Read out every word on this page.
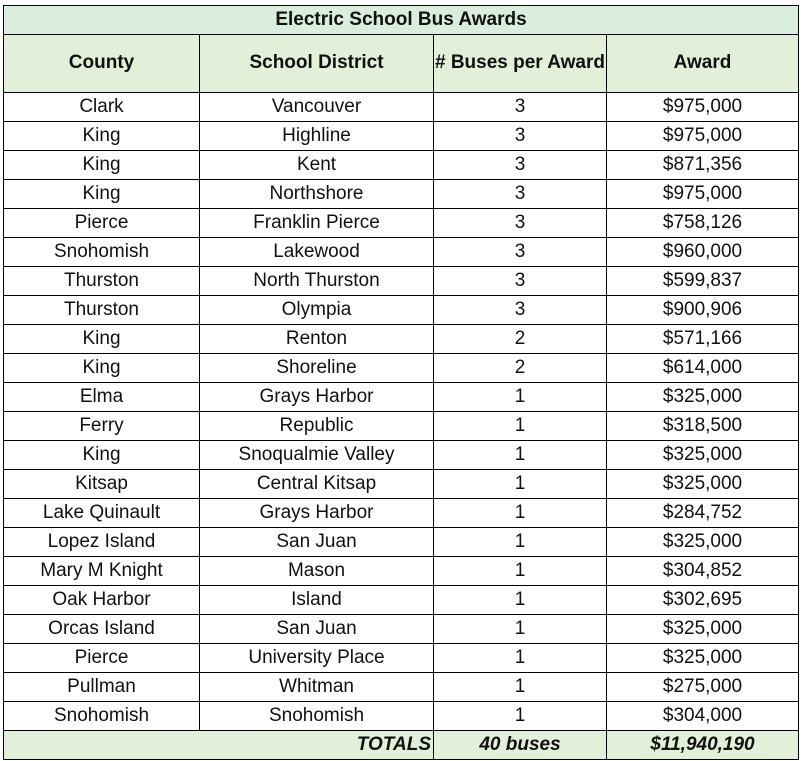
Electric School Bus Awards			
County	School District	# Buses per Award	Award
Clark	Vancouver	3	$975,000
King	Highline	3	$975,000
King	Kent	3	$871,356
King	Northshore	3	$975,000
Pierce	Franklin Pierce	3	$758,126
Snohomish	Lakewood	3	$960,000
Thurston	North Thurston	3	$599,837
Thurston	Olympia	3	$900,906
King	Renton	2	$571,166
King	Shoreline	2	$614,000
Elma	Grays Harbor	1	$325,000
Ferry	Republic	1	$318,500
King	Snoqualmie Valley	1	$325,000
Kitsap	Central Kitsap	1	$325,000
Lake Quinault	Grays Harbor	1	$284,752
Lopez Island	San Juan	1	$325,000
Mary M Knight	Mason	1	$304,852
Oak Harbor	Island	1	$302,695
Orcas Island	San Juan	1	$325,000
Pierce	University Place	1	$325,000
Pullman	Whitman	1	$275,000
Snohomish	Snohomish	1	$304,000
	TOTALS	40 buses	$11,940,190
